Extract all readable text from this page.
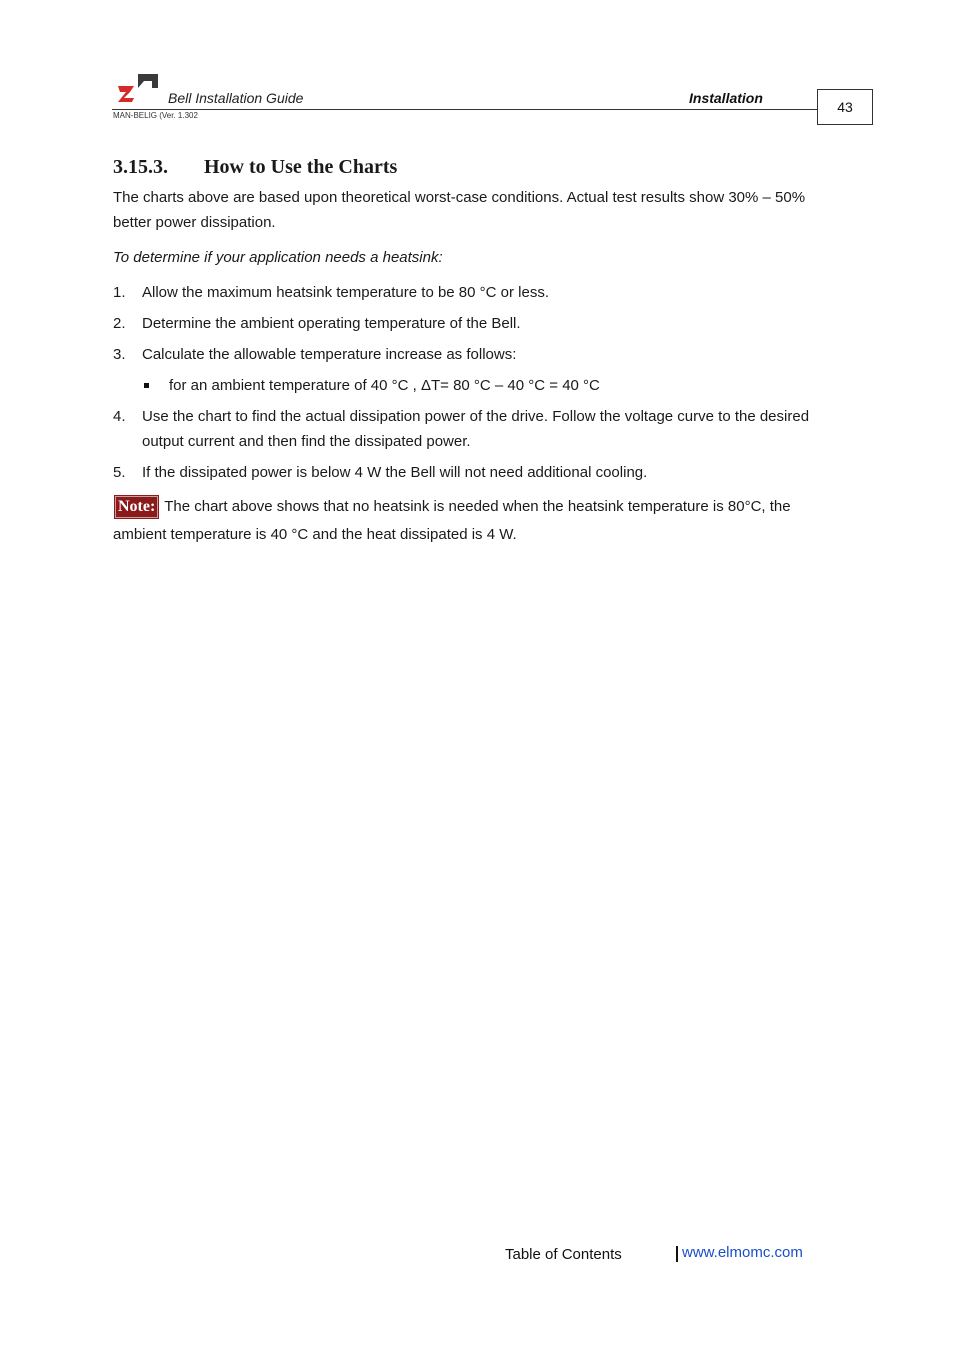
Bell Installation Guide	Installation
MAN-BELIG (Ver. 1.302
43
3.15.3. How to Use the Charts

The charts above are based upon theoretical worst-case conditions. Actual test results show 30% – 50% better power dissipation.

To determine if your application needs a heatsink:

1. Allow the maximum heatsink temperature to be 80 °C or less.
2. Determine the ambient operating temperature of the Bell.
3. Calculate the allowable temperature increase as follows:
for an ambient temperature of 40 °C , ΔT= 80 °C – 40 °C = 40 °C
4. Use the chart to find the actual dissipation power of the drive. Follow the voltage curve to the desired output current and then find the dissipated power.
5. If the dissipated power is below 4 W the Bell will not need additional cooling.
Note: The chart above shows that no heatsink is needed when the heatsink temperature is 80°C, the ambient temperature is 40 °C and the heat dissipated is 4 W.
Table of Contents	www.elmomc.com
